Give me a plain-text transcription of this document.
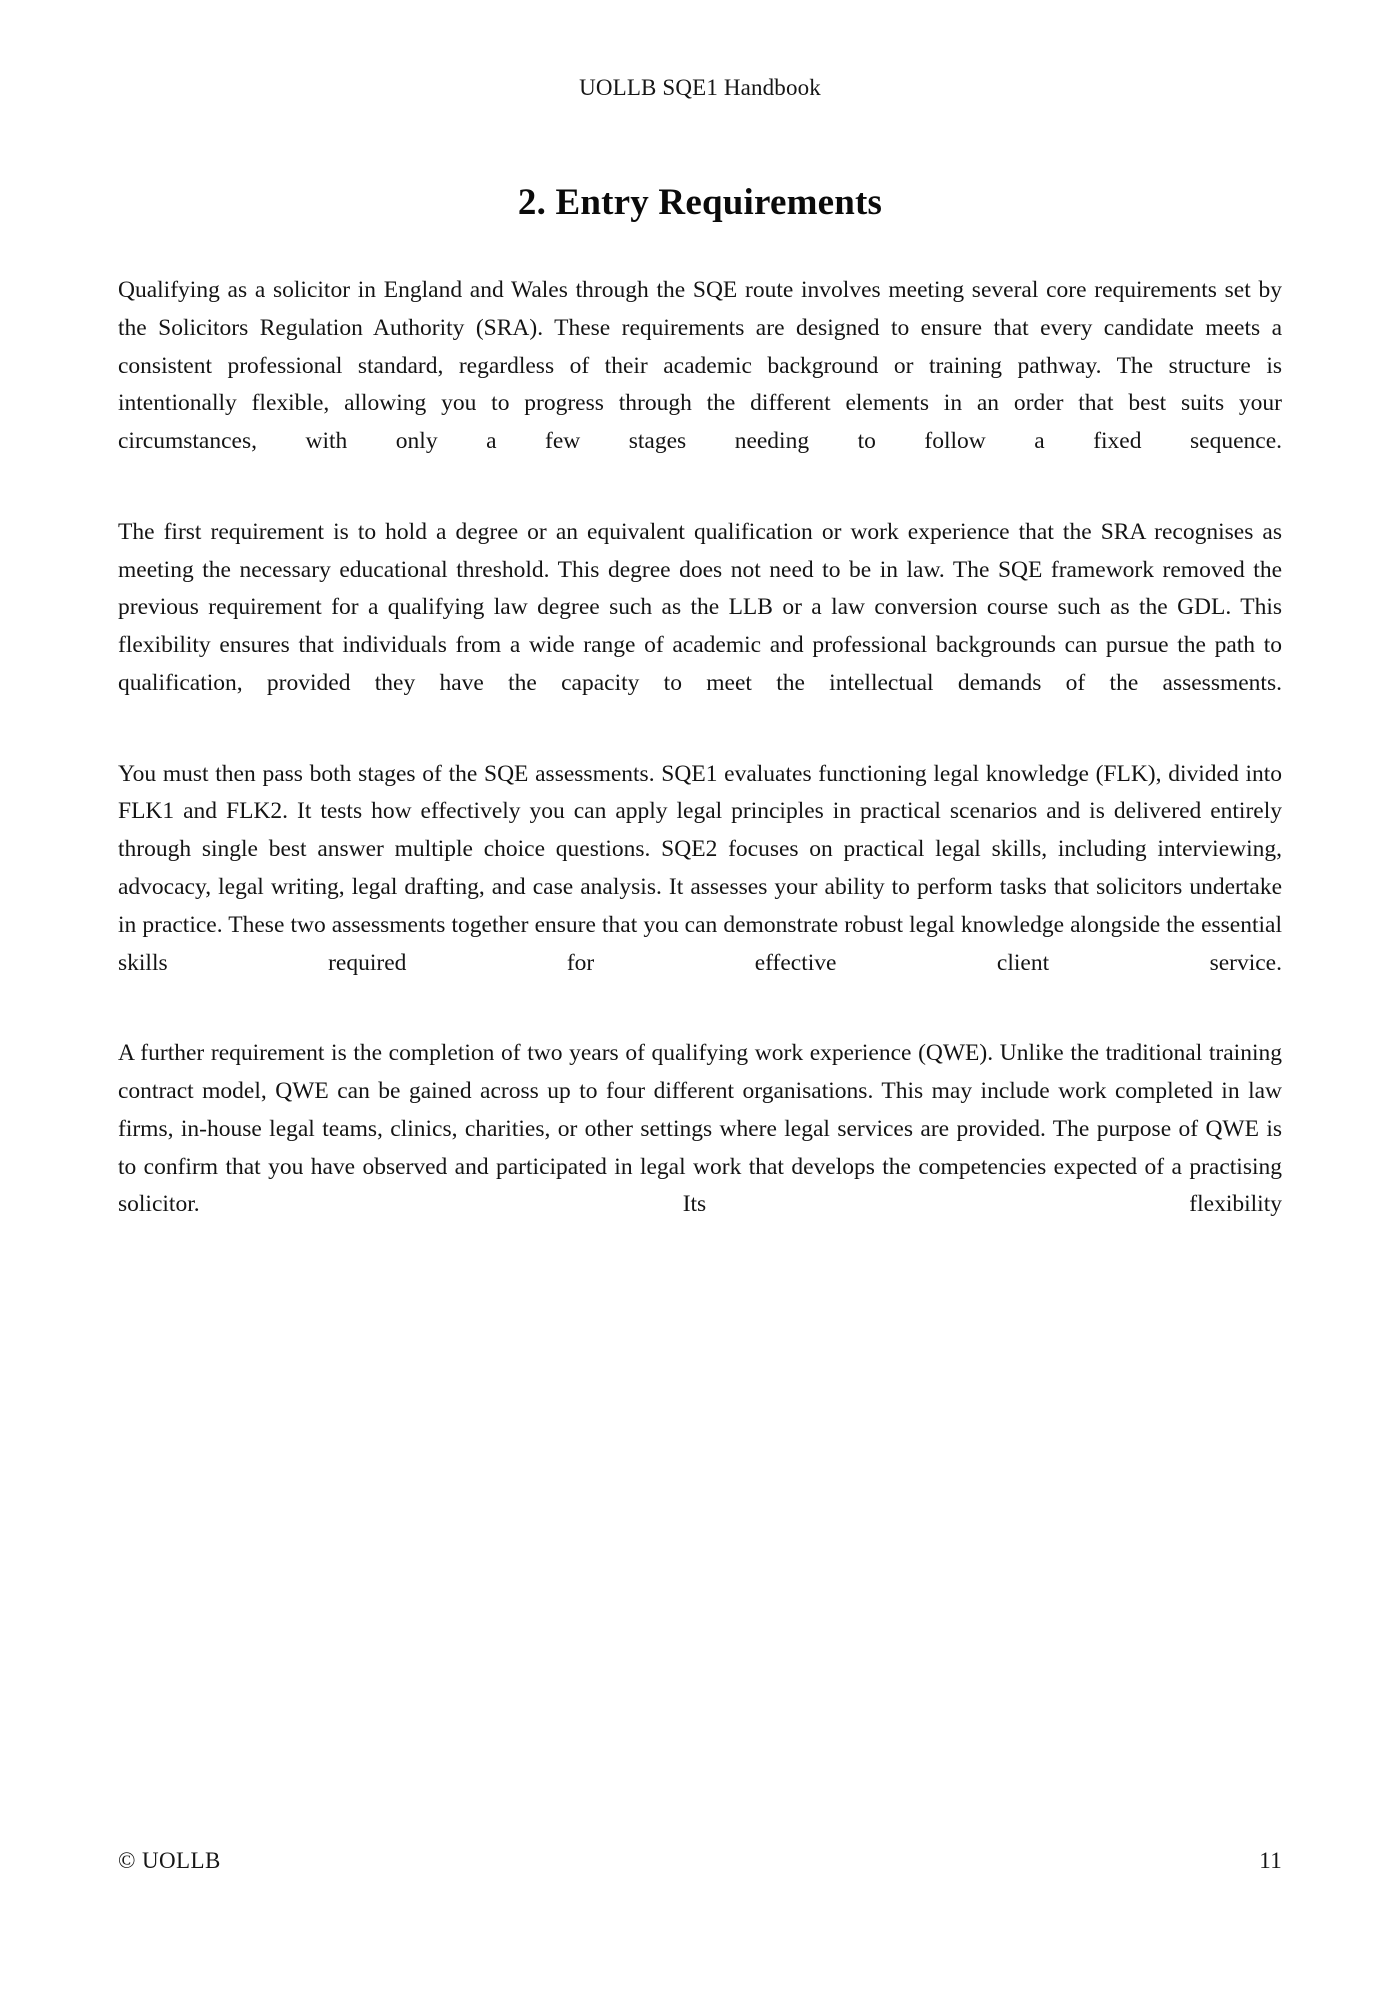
UOLLB SQE1 Handbook
2. Entry Requirements

Qualifying as a solicitor in England and Wales through the SQE route involves meeting several core requirements set by the Solicitors Regulation Authority (SRA). These requirements are designed to ensure that every candidate meets a consistent professional standard, regardless of their academic background or training pathway. The structure is intentionally flexible, allowing you to progress through the different elements in an order that best suits your circumstances, with only a few stages needing to follow a fixed sequence.

The first requirement is to hold a degree or an equivalent qualification or work experience that the SRA recognises as meeting the necessary educational threshold. This degree does not need to be in law. The SQE framework removed the previous requirement for a qualifying law degree such as the LLB or a law conversion course such as the GDL. This flexibility ensures that individuals from a wide range of academic and professional backgrounds can pursue the path to qualification, provided they have the capacity to meet the intellectual demands of the assessments.

You must then pass both stages of the SQE assessments. SQE1 evaluates functioning legal knowledge (FLK), divided into FLK1 and FLK2. It tests how effectively you can apply legal principles in practical scenarios and is delivered entirely through single best answer multiple choice questions. SQE2 focuses on practical legal skills, including interviewing, advocacy, legal writing, legal drafting, and case analysis. It assesses your ability to perform tasks that solicitors undertake in practice. These two assessments together ensure that you can demonstrate robust legal knowledge alongside the essential skills required for effective client service.

A further requirement is the completion of two years of qualifying work experience (QWE). Unlike the traditional training contract model, QWE can be gained across up to four different organisations. This may include work completed in law firms, in-house legal teams, clinics, charities, or other settings where legal services are provided. The purpose of QWE is to confirm that you have observed and participated in legal work that develops the competencies expected of a practising solicitor. Its flexibility

© UOLLB	11
